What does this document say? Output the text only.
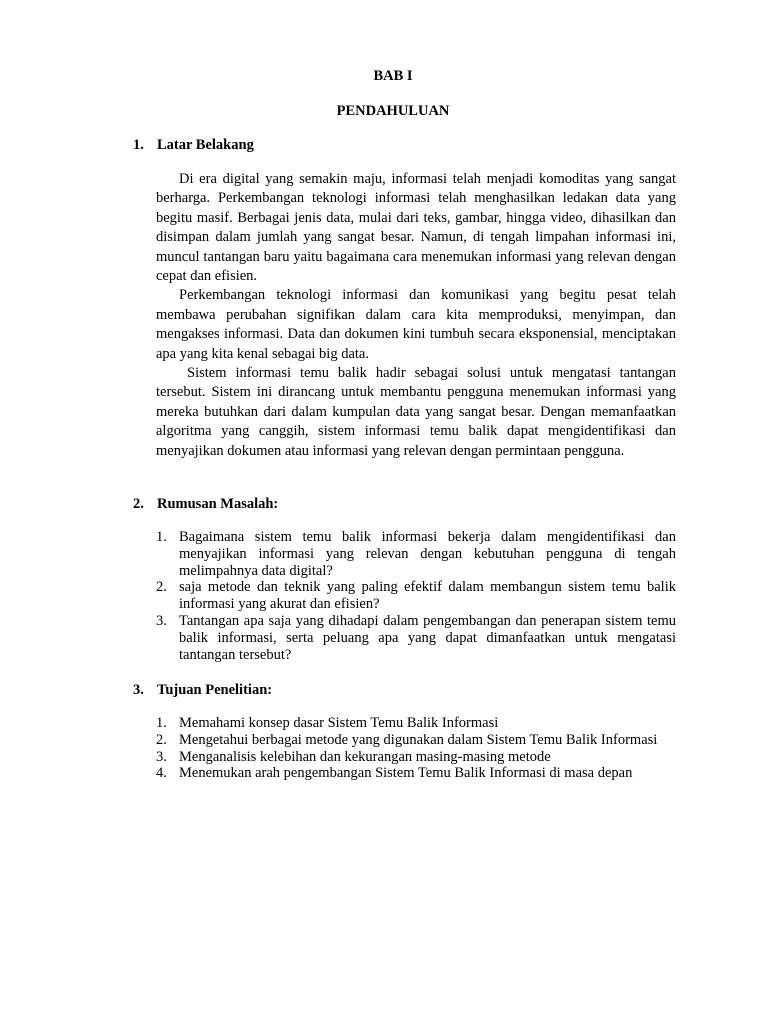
BAB I
PENDAHULUAN
1. Latar Belakang

Di era digital yang semakin maju, informasi telah menjadi komoditas yang sangat berharga. Perkembangan teknologi informasi telah menghasilkan ledakan data yang begitu masif. Berbagai jenis data, mulai dari teks, gambar, hingga video, dihasilkan dan disimpan dalam jumlah yang sangat besar. Namun, di tengah limpahan informasi ini, muncul tantangan baru yaitu bagaimana cara menemukan informasi yang relevan dengan cepat dan efisien.

Perkembangan teknologi informasi dan komunikasi yang begitu pesat telah membawa perubahan signifikan dalam cara kita memproduksi, menyimpan, dan mengakses informasi. Data dan dokumen kini tumbuh secara eksponensial, menciptakan apa yang kita kenal sebagai big data.

Sistem informasi temu balik hadir sebagai solusi untuk mengatasi tantangan tersebut. Sistem ini dirancang untuk membantu pengguna menemukan informasi yang mereka butuhkan dari dalam kumpulan data yang sangat besar. Dengan memanfaatkan algoritma yang canggih, sistem informasi temu balik dapat mengidentifikasi dan menyajikan dokumen atau informasi yang relevan dengan permintaan pengguna.

2. Rumusan Masalah:
1. Bagaimana sistem temu balik informasi bekerja dalam mengidentifikasi dan menyajikan informasi yang relevan dengan kebutuhan pengguna di tengah melimpahnya data digital?
2. saja metode dan teknik yang paling efektif dalam membangun sistem temu balik informasi yang akurat dan efisien?
3. Tantangan apa saja yang dihadapi dalam pengembangan dan penerapan sistem temu balik informasi, serta peluang apa yang dapat dimanfaatkan untuk mengatasi tantangan tersebut?
3. Tujuan Penelitian:
1. Memahami konsep dasar Sistem Temu Balik Informasi
2. Mengetahui berbagai metode yang digunakan dalam Sistem Temu Balik Informasi
3. Menganalisis kelebihan dan kekurangan masing-masing metode
4. Menemukan arah pengembangan Sistem Temu Balik Informasi di masa depan
